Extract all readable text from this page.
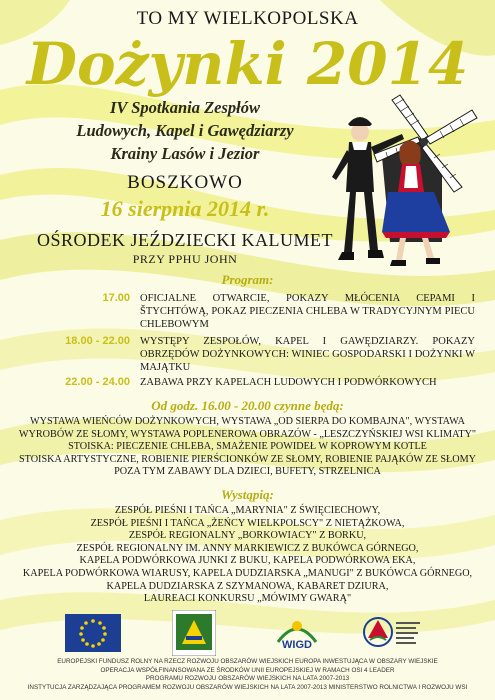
TO MY WIELKOPOLSKA
Dożynki 2014
IV Spotkania Zespłów
Ludowych, Kapel i Gawędziarzy
Krainy Lasów i Jezior
BOSZKOWO
16 sierpnia 2014 r.
OŚRODEK JEŹDZIECKI KALUMET
PRZY PPHU JOHN
Program:
17.00 OFICJALNE OTWARCIE, POKAZY MŁÓCENIA CEPAMI I ŠTYCHTÓWĄ, POKAZ PIECZENIA CHLEBA W TRADYCYJNYM PIECU CHLEBOWYM
18.00 - 22.00 WYSTĘPY ZESPOŁÓW, KAPEL I GAWĘDZIARZY. POKAZY OBRZĘDÓW DOŻYNKOWYCH: WINIEC GOSPODARSKI I DOŻYNKI W MAJĄTKU
22.00 - 24.00 ZABAWA PRZY KAPELACH LUDOWYCH I PODWÓRKOWYCH
Od godz. 16.00 - 20.00 czynne będą:
WYSTAWA WIEŃCÓW DOŻYNKOWYCH, WYSTAWA „OD SIERPA DO KOMBAJNA", WYSTAWA
WYROBÓW ZE SŁOMY, WYSTAWA POPLENEROWA OBRAZÓW - „LESZCZYŃSKIEJ WSI KLIMATY"
STOISKA: PIECZENIE CHLEBA, SMAŻENIE POWIDEŁ W KOPROWYM KOTLE
STOISKA ARTYSTYCZNE, ROBIENIE PIERŚCIONKÓW ZE SŁOMY, ROBIENIE PAJĄKÓW ZE SŁOMY
POZA TYM ZABAWY DLA DZIECI, BUFETY, STRZELNICA
Wystąpią:
ZESPÓŁ PIEŚNI I TAŃCA „MARYNIA" Z ŚWIĘCIECHOWY,
ZESPÓŁ PIEŚNI I TAŃCA „ŻEŃCY WIELKPOLSCY" Z NIETĄŻKOWA,
ZESPÓŁ REGIONALNY „BORKOWIACY" Z BORKU,
ZESPÓŁ REGIONALNY IM. ANNY MARKIEWICZ Z BUKÓWCA GÓRNEGO,
KAPELA PODWÓRKOWA JUNKI Z BUKU, KAPELA PODWÓRKOWA EKA,
KAPELA PODWÓRKOWA WIARUSY, KAPELA DUDZIARSKA „MANUGI" Z BUKÓWCA GÓRNEGO,
KAPELA DUDZIARSKA Z SZYMANOWA, KABARET DZIURA,
LAUREACI KONKURSU „MÓWIMY GWARĄ"
WIGD
EUROPEJSKI FUNDUSZ ROLNY NA RZECZ ROZWOJU OBSZARÓW WIEJSKICH EUROPA INWESTUJĄCA W OBSZARY WIEJSKIE
OPERACJA WSPÓŁFINANSOWANA ZE ŚRODKÓW UNII EUROPEJSKIEJ W RAMACH OSI 4 LEADER
PROGRAMU ROZWOJU OBSZARÓW WIEJSKICH NA LATA 2007-2013
INSTYTUCJA ZARZĄDZAJĄCA PROGRAMEM ROZWOJU OBSZARÓW WIEJSKICH NA LATA 2007-2013 MINISTERSTWO ROLNICTWA I ROZWOJU WSI
